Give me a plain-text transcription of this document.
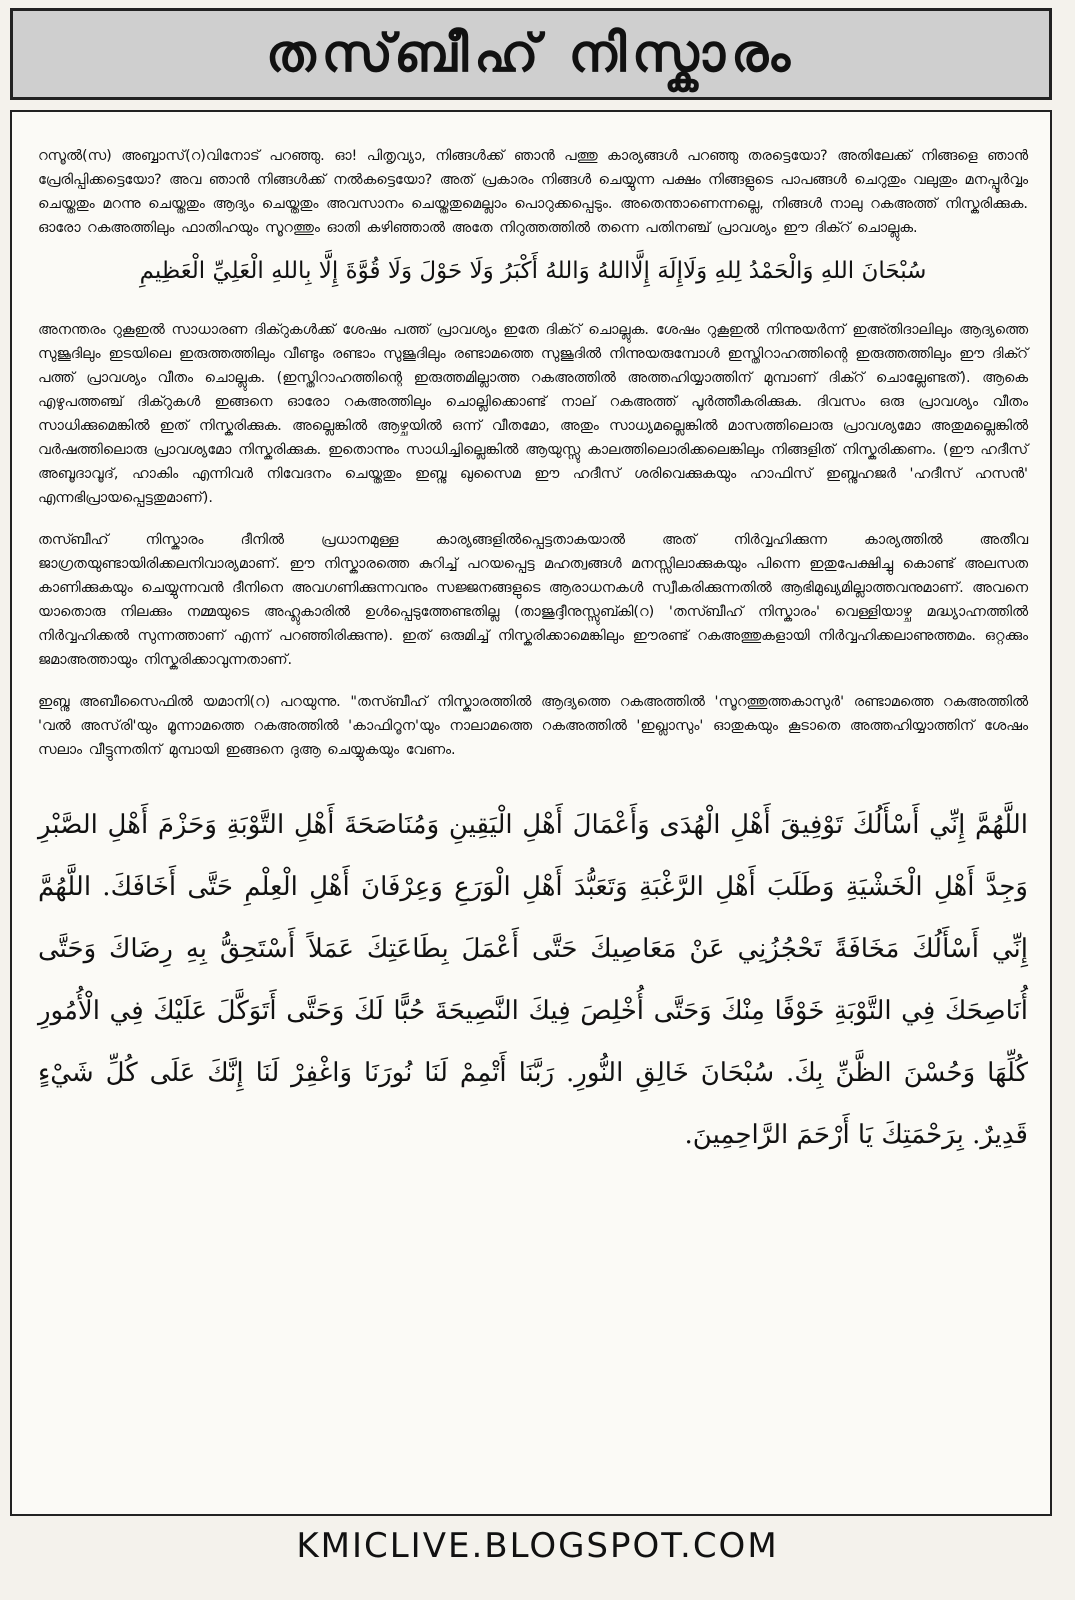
തസ്ബീഹ് നിസ്കാരം

റസൂൽ(സ) അബ്ബാസ്(റ)വിനോട് പറഞ്ഞു. ഓ! പിതൃവ്യാ, നിങ്ങൾക്ക് ഞാൻ പത്തു കാര്യങ്ങൾ പറഞ്ഞു തരട്ടെയോ? അതിലേക്ക് നിങ്ങളെ ഞാൻ പ്രേരിപ്പിക്കട്ടെയോ? അവ ഞാൻ നിങ്ങൾക്ക് നൽകട്ടെയോ? അത് പ്രകാരം നിങ്ങൾ ചെയ്യുന്ന പക്ഷം നിങ്ങളുടെ പാപങ്ങൾ ചെറുതും വലുതും മനപ്പൂർവ്വം ചെയ്തതും മറന്നു ചെയ്തതും ആദ്യം ചെയ്തതും അവസാനം ചെയ്തതുമെല്ലാം പൊറുക്കപ്പെടും. അതെന്താണെന്നല്ലെ, നിങ്ങൾ നാലു റകഅത്ത് നിസ്കരിക്കുക. ഓരോ റകഅത്തിലും ഫാതിഹയും സൂറത്തും ഓതി കഴിഞ്ഞാൽ അതേ നിറുത്തത്തിൽ തന്നെ പതിനഞ്ച് പ്രാവശ്യം ഈ ദിക്റ് ചൊല്ലുക.

سُبْحَانَ اللهِ وَالْحَمْدُ لِلهِ وَلَاإِلَهَ إِلَّااللهُ وَاللهُ أَكْبَرُ وَلَا حَوْلَ وَلَا قُوَّةَ إِلَّا بِاللهِ الْعَلِيِّ الْعَظِيمِ

അനന്തരം റുകൂഇൽ സാധാരണ ദിക്റുകൾക്ക് ശേഷം പത്ത് പ്രാവശ്യം ഇതേ ദിക്റ് ചൊല്ലുക. ശേഷം റുകൂഇൽ നിന്നുയർന്ന് ഇഅ്തിദാലിലും ആദ്യത്തെ സുജൂദിലും ഇടയിലെ ഇരുത്തത്തിലും വീണ്ടും രണ്ടാം സുജൂദിലും രണ്ടാമത്തെ സുജൂദിൽ നിന്നുയരുമ്പോൾ ഇസ്തിറാഹത്തിന്റെ ഇരുത്തത്തിലും ഈ ദിക്റ് പത്ത് പ്രാവശ്യം വീതം ചൊല്ലുക. (ഇസ്തിറാഹത്തിന്റെ ഇരുത്തമില്ലാത്ത റകഅത്തിൽ അത്തഹിയ്യാത്തിന് മുമ്പാണ് ദിക്റ് ചൊല്ലേണ്ടത്). ആകെ എഴുപത്തഞ്ച് ദിക്റുകൾ ഇങ്ങനെ ഓരോ റകഅത്തിലും ചൊല്ലിക്കൊണ്ട് നാല് റകഅത്ത് പൂർത്തീകരിക്കുക. ദിവസം ഒരു പ്രാവശ്യം വീതം സാധിക്കുമെങ്കിൽ ഇത് നിസ്കരിക്കുക. അല്ലെങ്കിൽ ആഴ്ചയിൽ ഒന്ന് വീതമോ, അതും സാധ്യമല്ലെങ്കിൽ മാസത്തിലൊരു പ്രാവശ്യമോ അതുമല്ലെങ്കിൽ വർഷത്തിലൊരു പ്രാവശ്യമോ നിസ്കരിക്കുക. ഇതൊന്നും സാധിച്ചില്ലെങ്കിൽ ആയുസ്സു കാലത്തിലൊരിക്കലെങ്കിലും നിങ്ങളിത് നിസ്കരിക്കണം. (ഈ ഹദീസ് അബൂദാവൂദ്, ഹാകിം എന്നിവർ നിവേദനം ചെയ്തതും ഇബ്നു ഖുസൈമ ഈ ഹദീസ് ശരിവെക്കുകയും ഹാഫിസ് ഇബ്നുഹജർ 'ഹദീസ് ഹസൻ' എന്നഭിപ്രായപ്പെട്ടതുമാണ്).

തസ്ബീഹ് നിസ്കാരം ദീനിൽ പ്രധാനമുള്ള കാര്യങ്ങളിൽപ്പെട്ടതാകയാൽ അത് നിർവ്വഹിക്കുന്ന കാര്യത്തിൽ അതീവ ജാഗ്രതയുണ്ടായിരിക്കലനിവാര്യമാണ്. ഈ നിസ്കാരത്തെ കുറിച്ച് പറയപ്പെട്ട മഹത്വങ്ങൾ മനസ്സിലാക്കുകയും പിന്നെ ഇതുപേക്ഷിച്ചു കൊണ്ട് അലസത കാണിക്കുകയും ചെയ്യുന്നവൻ ദീനിനെ അവഗണിക്കുന്നവനും സജ്ജനങ്ങളുടെ ആരാധനകൾ സ്വീകരിക്കുന്നതിൽ ആഭിമുഖ്യമില്ലാത്തവനുമാണ്. അവനെ യാതൊരു നിലക്കും നമ്മയുടെ അഹ്ലുകാരിൽ ഉൾപ്പെടുത്തേണ്ടതില്ല (താജുദ്ദീനുസ്സുബ്കി(റ) 'തസ്ബീഹ് നിസ്കാരം' വെള്ളിയാഴ്ച മദ്ധ്യാഹ്നത്തിൽ നിർവ്വഹിക്കൽ സുന്നത്താണ് എന്ന് പറഞ്ഞിരിക്കുന്നു). ഇത് ഒരുമിച്ച് നിസ്കരിക്കാമെങ്കിലും ഈരണ്ട് റകഅത്തുകളായി നിർവ്വഹിക്കലാണുത്തമം. ഒറ്റക്കും ജമാഅത്തായും നിസ്കരിക്കാവുന്നതാണ്.

ഇബ്നു അബീസൈഫിൽ യമാനി(റ) പറയുന്നു. "തസ്ബീഹ് നിസ്കാരത്തിൽ ആദ്യത്തെ റകഅത്തിൽ 'സൂറത്തുത്തകാസുർ' രണ്ടാമത്തെ റകഅത്തിൽ 'വൽ അസ്‌രി'യും മൂന്നാമത്തെ റകഅത്തിൽ 'കാഫിറൂന'യും നാലാമത്തെ റകഅത്തിൽ 'ഇഖ്ലാസും' ഓതുകയും കൂടാതെ അത്തഹിയ്യാത്തിന് ശേഷം സലാം വീട്ടുന്നതിന് മുമ്പായി ഇങ്ങനെ ദുആ ചെയ്യുകയും വേണം.

اللَّهُمَّ إِنِّي أَسْأَلُكَ تَوْفِيقَ أَهْلِ الْهُدَى وَأَعْمَالَ أَهْلِ الْيَقِينِ وَمُنَاصَحَةَ أَهْلِ التَّوْبَةِ وَحَزْمَ أَهْلِ الصَّبْرِ وَجِدَّ أَهْلِ الْخَشْيَةِ وَطَلَبَ أَهْلِ الرَّغْبَةِ وَتَعَبُّدَ أَهْلِ الْوَرَعِ وَعِرْفَانَ أَهْلِ الْعِلْمِ حَتَّى أَخَافَكَ. اللَّهُمَّ إِنِّي أَسْأَلُكَ مَخَافَةً تَحْجُزُنِي عَنْ مَعَاصِيكَ حَتَّى أَعْمَلَ بِطَاعَتِكَ عَمَلاً أَسْتَحِقُّ بِهِ رِضَاكَ وَحَتَّى أُنَاصِحَكَ فِي التَّوْبَةِ خَوْفًا مِنْكَ وَحَتَّى أُخْلِصَ فِيكَ النَّصِيحَةَ حُبًّا لَكَ وَحَتَّى أَتَوَكَّلَ عَلَيْكَ فِي الْأُمُورِ كُلِّهَا وَحُسْنَ الظَّنِّ بِكَ. سُبْحَانَ خَالِقِ النُّورِ. رَبَّنَا أَتْمِمْ لَنَا نُورَنَا وَاغْفِرْ لَنَا إِنَّكَ عَلَى كُلِّ شَيْءٍ قَدِيرٌ. بِرَحْمَتِكَ يَا أَرْحَمَ الرَّاحِمِينَ.
KMICLIVE.BLOGSPOT.COM
